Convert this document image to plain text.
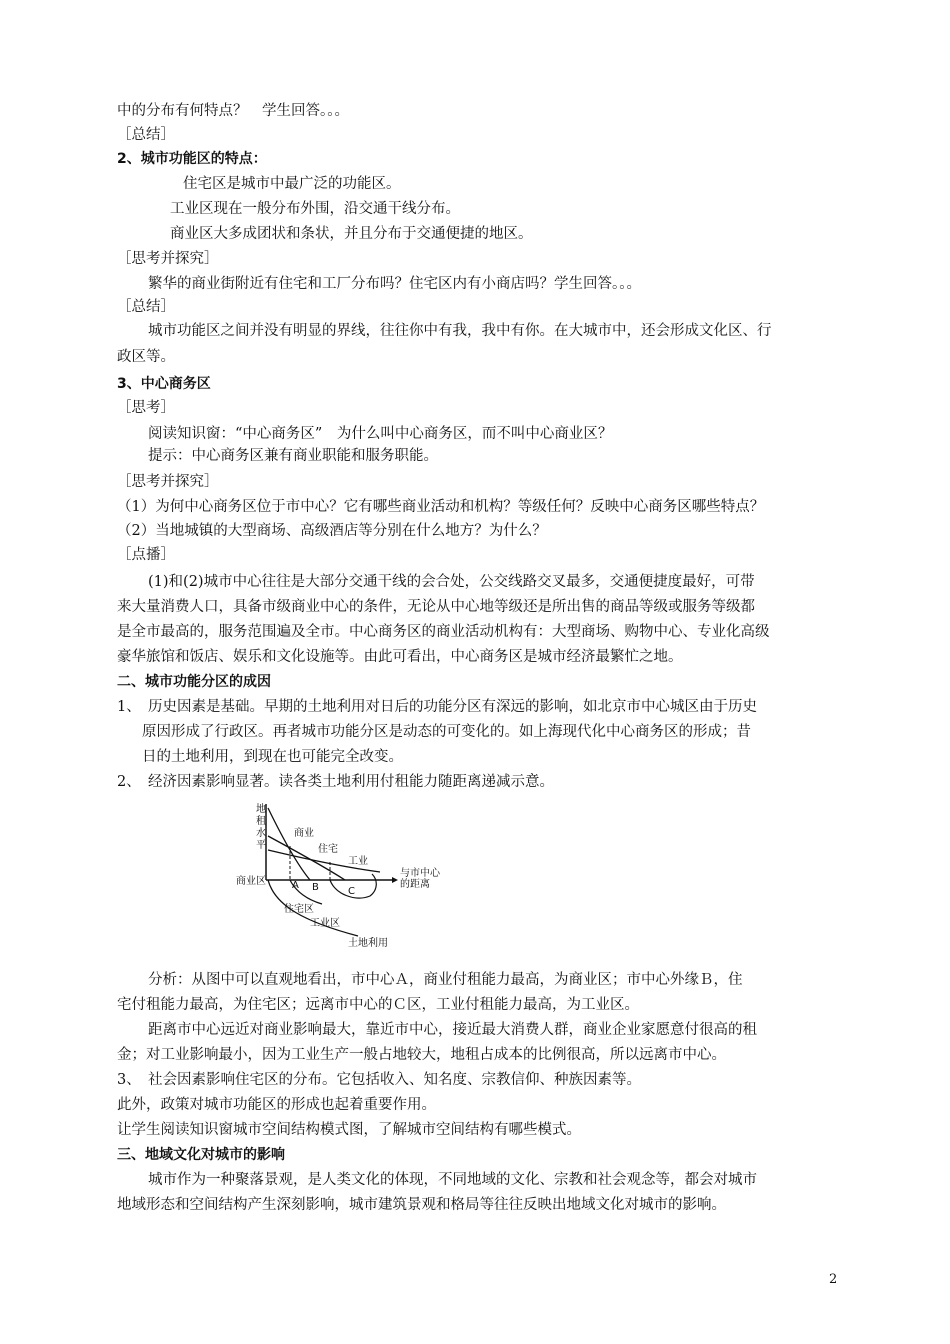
中的分布有何特点？　学生回答。。。
［总结］
2、城市功能区的特点：
住宅区是城市中最广泛的功能区。
工业区现在一般分布外围，沿交通干线分布。
商业区大多成团状和条状，并且分布于交通便捷的地区。
［思考并探究］
繁华的商业街附近有住宅和工厂分布吗？住宅区内有小商店吗？学生回答。。。
［总结］
城市功能区之间并没有明显的界线，往往你中有我，我中有你。在大城市中，还会形成文化区、行
政区等。
3、中心商务区
［思考］
阅读知识窗：“中心商务区”　为什么叫中心商务区，而不叫中心商业区？
提示：中心商务区兼有商业职能和服务职能。
［思考并探究］
（1）为何中心商务区位于市中心？它有哪些商业活动和机构？等级任何？反映中心商务区哪些特点？
（2）当地城镇的大型商场、高级酒店等分别在什么地方？为什么？
［点播］
(1)和(2)城市中心往往是大部分交通干线的会合处，公交线路交叉最多，交通便捷度最好，可带
来大量消费人口，具备市级商业中心的条件，无论从中心地等级还是所出售的商品等级或服务等级都
是全市最高的，服务范围遍及全市。中心商务区的商业活动机构有：大型商场、购物中心、专业化高级
豪华旅馆和饭店、娱乐和文化设施等。由此可看出，中心商务区是城市经济最繁忙之地。
二、城市功能分区的成因
1、　历史因素是基础。早期的土地利用对日后的功能分区有深远的影响，如北京市中心城区由于历史
原因形成了行政区。再者城市功能分区是动态的可变化的。如上海现代化中心商务区的形成；昔
日的土地利用，到现在也可能完全改变。
2、　经济因素影响显著。读各类土地利用付租能力随距离递减示意。
地
租
水
平
商业
住宅
工业
与市中心
的距离
商业区	A B	C
住宅区
工业区
土地利用
分析：从图中可以直观地看出，市中心Ａ，商业付租能力最高，为商业区；市中心外缘Ｂ，住
宅付租能力最高，为住宅区；远离市中心的Ｃ区，工业付租能力最高，为工业区。
距离市中心远近对商业影响最大，靠近市中心，接近最大消费人群，商业企业家愿意付很高的租
金；对工业影响最小，因为工业生产一般占地较大，地租占成本的比例很高，所以远离市中心。
3、　社会因素影响住宅区的分布。它包括收入、知名度、宗教信仰、种族因素等。
此外，政策对城市功能区的形成也起着重要作用。
让学生阅读知识窗城市空间结构模式图，了解城市空间结构有哪些模式。
三、地域文化对城市的影响
城市作为一种聚落景观，是人类文化的体现，不同地域的文化、宗教和社会观念等，都会对城市
地域形态和空间结构产生深刻影响，城市建筑景观和格局等往往反映出地域文化对城市的影响。
2
